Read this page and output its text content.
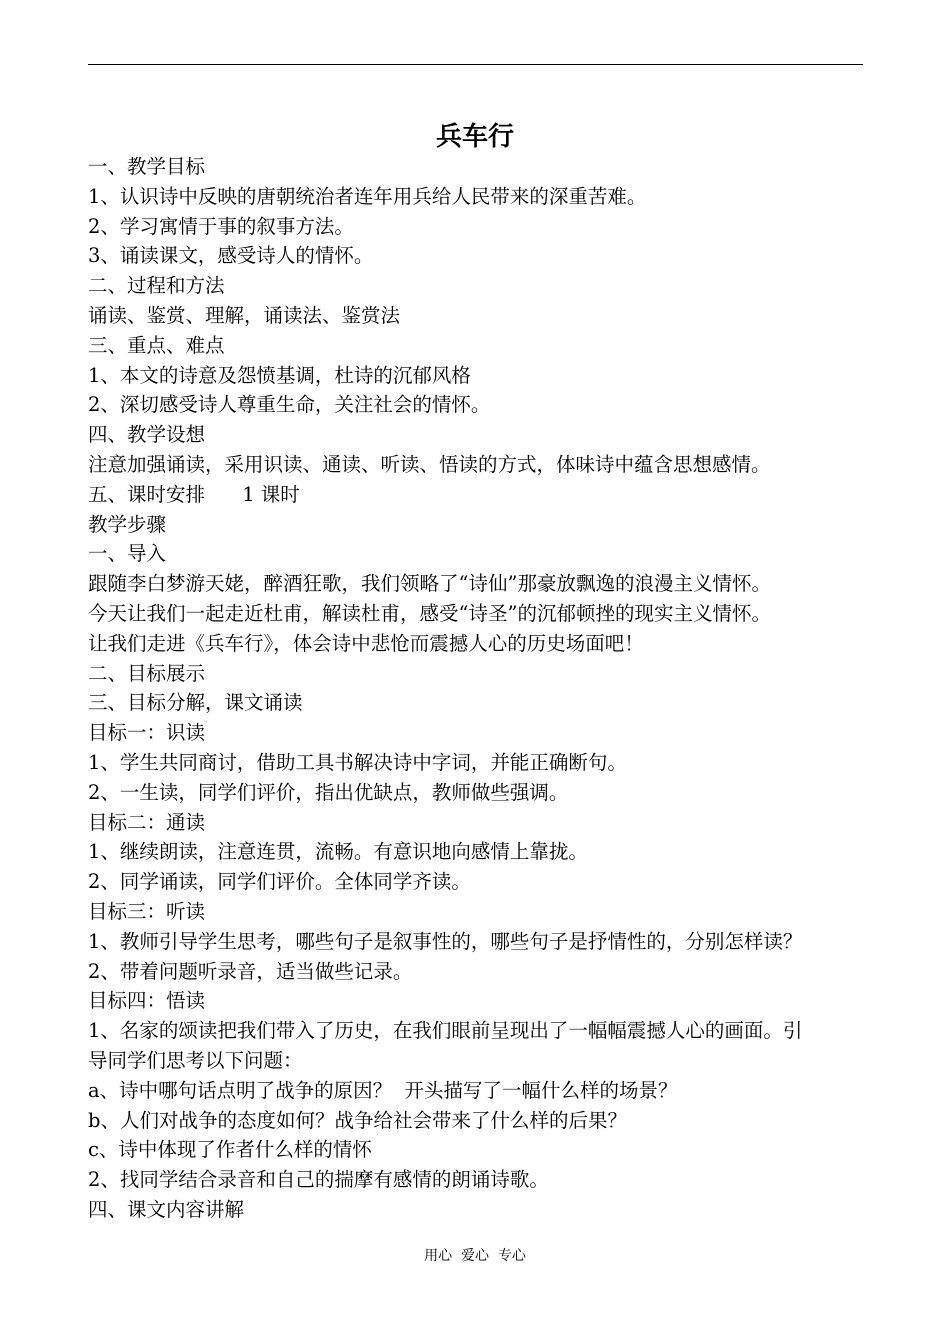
兵车行
一、教学目标
1、认识诗中反映的唐朝统治者连年用兵给人民带来的深重苦难。
2、学习寓情于事的叙事方法。
3、诵读课文，感受诗人的情怀。
二、过程和方法
诵读、鉴赏、理解，诵读法、鉴赏法
三、重点、难点
1、本文的诗意及怨愤基调，杜诗的沉郁风格
2、深切感受诗人尊重生命，关注社会的情怀。
四、教学设想
注意加强诵读，采用识读、通读、听读、悟读的方式，体味诗中蕴含思想感情。
五、课时安排      1 课时
教学步骤
一、导入
跟随李白梦游天姥，醉酒狂歌，我们领略了“诗仙”那豪放飘逸的浪漫主义情怀。
今天让我们一起走近杜甫，解读杜甫，感受“诗圣”的沉郁顿挫的现实主义情怀。
让我们走进《兵车行》，体会诗中悲怆而震撼人心的历史场面吧！
二、目标展示
三、目标分解，课文诵读
目标一：识读
1、学生共同商讨，借助工具书解决诗中字词，并能正确断句。
2、一生读，同学们评价，指出优缺点，教师做些强调。
目标二：通读
1、继续朗读，注意连贯，流畅。有意识地向感情上靠拢。
2、同学诵读，同学们评价。全体同学齐读。
目标三：听读
1、教师引导学生思考，哪些句子是叙事性的，哪些句子是抒情性的，分别怎样读？
2、带着问题听录音，适当做些记录。
目标四：悟读
1、名家的颂读把我们带入了历史，在我们眼前呈现出了一幅幅震撼人心的画面。引
导同学们思考以下问题：
a、诗中哪句话点明了战争的原因？  开头描写了一幅什么样的场景？
b、人们对战争的态度如何？战争给社会带来了什么样的后果？
c、诗中体现了作者什么样的情怀
2、找同学结合录音和自己的揣摩有感情的朗诵诗歌。
四、课文内容讲解
用心  爱心  专心
